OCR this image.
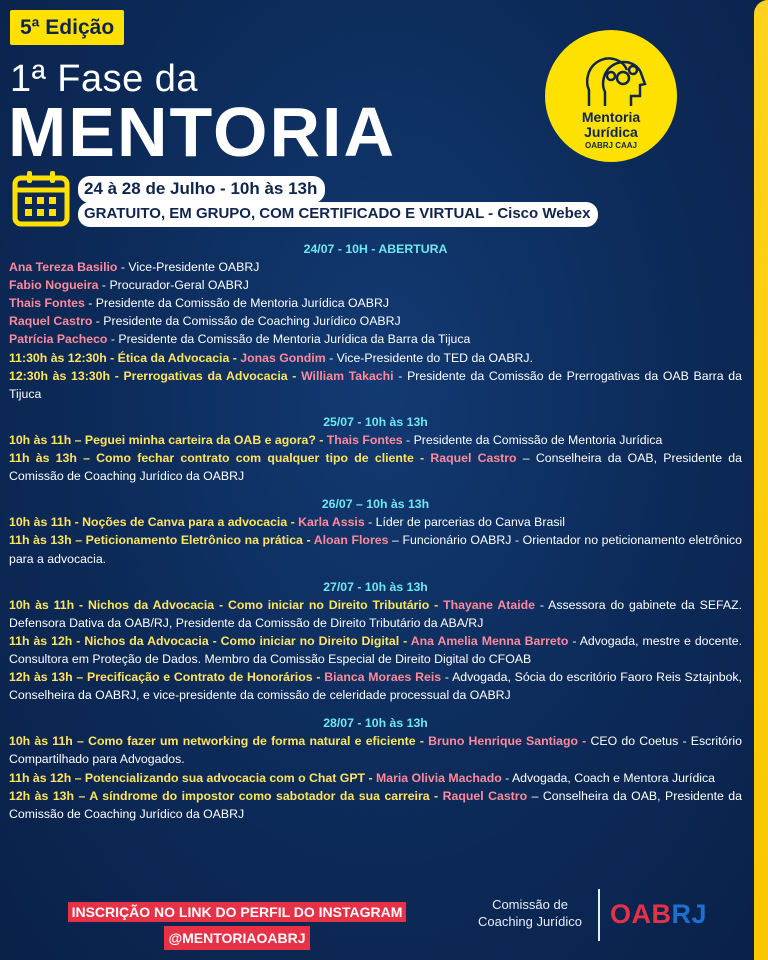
5ª Edição
1ª Fase da
MENTORIA	Mentoria
Jurídica
OABRJ CAAJ
24 à 28 de Julho - 10h às 13h
GRATUITO, EM GRUPO, COM CERTIFICADO E VIRTUAL - Cisco Webex
24/07 - 10H - ABERTURA
Ana Tereza Basilio - Vice-Presidente OABRJ
Fabio Nogueira - Procurador-Geral OABRJ
Thais Fontes - Presidente da Comissão de Mentoria Jurídica OABRJ
Raquel Castro - Presidente da Comissão de Coaching Jurídico OABRJ
Patrícia Pacheco - Presidente da Comissão de Mentoria Jurídica da Barra da Tijuca
11:30h às 12:30h - Ética da Advocacia - Jonas Gondim - Vice-Presidente do TED da OABRJ.
12:30h às 13:30h - Prerrogativas da Advocacia - William Takachi - Presidente da Comissão de Prerrogativas da OAB Barra da Tijuca
25/07 - 10h às 13h
10h às 11h – Peguei minha carteira da OAB e agora? - Thais Fontes - Presidente da Comissão de Mentoria Jurídica
11h às 13h – Como fechar contrato com qualquer tipo de cliente - Raquel Castro – Conselheira da OAB, Presidente da Comissão de Coaching Jurídico da OABRJ
26/07 – 10h às 13h
10h às 11h - Noções de Canva para a advocacia - Karla Assis - Líder de parcerias do Canva Brasil
11h às 13h – Peticionamento Eletrônico na prática - Aloan Flores – Funcionário OABRJ - Orientador no peticionamento eletrônico para a advocacia.
27/07 - 10h às 13h
10h às 11h - Nichos da Advocacia - Como iniciar no Direito Tributário - Thayane Ataide - Assessora do gabinete da SEFAZ. Defensora Dativa da OAB/RJ, Presidente da Comissão de Direito Tributário da ABA/RJ
11h às 12h - Nichos da Advocacia - Como iniciar no Direito Digital - Ana Amelia Menna Barreto - Advogada, mestre e docente. Consultora em Proteção de Dados. Membro da Comissão Especial de Direito Digital do CFOAB
12h às 13h – Precificação e Contrato de Honorários - Bianca Moraes Reis - Advogada, Sócia do escritório Faoro Reis Sztajnbok, Conselheira da OABRJ, e vice-presidente da comissão de celeridade processual da OABRJ
28/07 - 10h às 13h
10h às 11h – Como fazer um networking de forma natural e eficiente - Bruno Henrique Santiago - CEO do Coetus - Escritório Compartilhado para Advogados.
11h às 12h – Potencializando sua advocacia com o Chat GPT - Maria Olivia Machado - Advogada, Coach e Mentora Jurídica
12h às 13h – A síndrome do impostor como sabotador da sua carreira - Raquel Castro – Conselheira da OAB, Presidente da Comissão de Coaching Jurídico da OABRJ
INSCRIÇÃO NO LINK DO PERFIL DO INSTAGRAM
@MENTORIAOABRJ
Comissão de Coaching Jurídico	OABRJ
